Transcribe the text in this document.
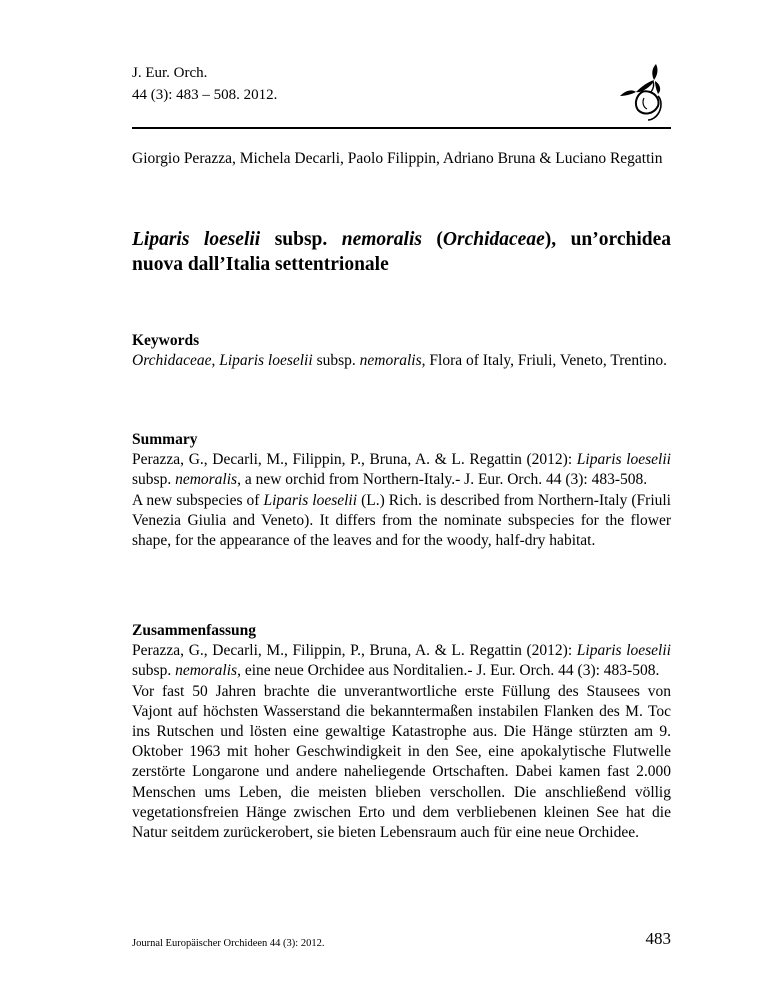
J. Eur. Orch.
44 (3): 483 – 508. 2012.
Giorgio Perazza, Michela Decarli, Paolo Filippin, Adriano Bruna & Luciano Regattin
Liparis loeselii subsp. nemoralis (Orchidaceae), un’orchidea nuova dall’Italia settentrionale
Keywords

Orchidaceae, Liparis loeselii subsp. nemoralis, Flora of Italy, Friuli, Veneto, Trentino.

Summary

Perazza, G., Decarli, M., Filippin, P., Bruna, A. & L. Regattin (2012): Liparis loeselii subsp. nemoralis, a new orchid from Northern-Italy.- J. Eur. Orch. 44 (3): 483-508.

A new subspecies of Liparis loeselii (L.) Rich. is described from Northern-Italy (Friuli Venezia Giulia and Veneto). It differs from the nominate subspecies for the flower shape, for the appearance of the leaves and for the woody, half-dry habitat.

Zusammenfassung

Perazza, G., Decarli, M., Filippin, P., Bruna, A. & L. Regattin (2012): Liparis loeselii subsp. nemoralis, eine neue Orchidee aus Norditalien.- J. Eur. Orch. 44 (3): 483-508.

Vor fast 50 Jahren brachte die unverantwortliche erste Füllung des Stausees von Vajont auf höchsten Wasserstand die bekanntermaßen instabilen Flanken des M. Toc ins Rutschen und lösten eine gewaltige Katastrophe aus. Die Hänge stürzten am 9. Oktober 1963 mit hoher Geschwindigkeit in den See, eine apokalytische Flutwelle zerstörte Longarone und andere naheliegende Ortschaften. Dabei kamen fast 2.000 Menschen ums Leben, die meisten blieben verschollen. Die anschließend völlig vegetationsfreien Hänge zwischen Erto und dem verbliebenen kleinen See hat die Natur seitdem zurückerobert, sie bieten Lebensraum auch für eine neue Orchidee.

Journal Europäischer Orchideen 44 (3): 2012.	483
